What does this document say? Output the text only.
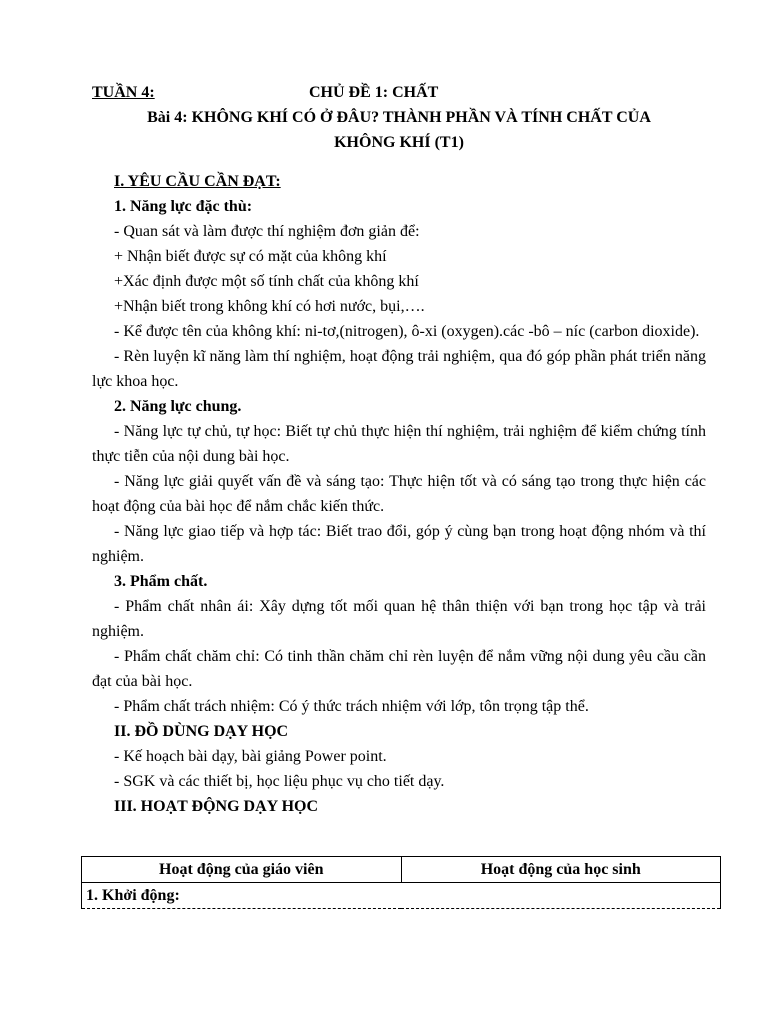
TUẦN 4:	CHỦ ĐỀ 1: CHẤT
Bài 4: KHÔNG KHÍ CÓ Ở ĐÂU? THÀNH PHẦN VÀ TÍNH CHẤT CỦA
KHÔNG KHÍ (T1)
I. YÊU CẦU CẦN ĐẠT:
1. Năng lực đặc thù:
- Quan sát và làm được thí nghiệm đơn giản để:
+ Nhận biết được sự có mặt của không khí
+Xác định được một số tính chất của không khí
+Nhận biết trong không khí có hơi nước, bụi,….
- Kể được tên của không khí: ni-tơ,(nitrogen), ô-xi (oxygen).các -bô – níc (carbon dioxide).
- Rèn luyện kĩ năng làm thí nghiệm, hoạt động trải nghiệm, qua đó góp phần phát triển năng lực khoa học.
2. Năng lực chung.
- Năng lực tự chủ, tự học: Biết tự chủ thực hiện thí nghiệm, trải nghiệm để kiểm chứng tính thực tiễn của nội dung bài học.
- Năng lực giải quyết vấn đề và sáng tạo: Thực hiện tốt và có sáng tạo trong thực hiện các hoạt động của bài học để nắm chắc kiến thức.
- Năng lực giao tiếp và hợp tác: Biết trao đổi, góp ý cùng bạn trong hoạt động nhóm và thí nghiệm.
3. Phẩm chất.
- Phẩm chất nhân ái: Xây dựng tốt mối quan hệ thân thiện với bạn trong học tập và trải nghiệm.
- Phẩm chất chăm chỉ: Có tinh thần chăm chỉ rèn luyện để nắm vững nội dung yêu cầu cần đạt của bài học.
- Phẩm chất trách nhiệm: Có ý thức trách nhiệm với lớp, tôn trọng tập thể.
II. ĐỒ DÙNG DẠY HỌC
- Kế hoạch bài dạy, bài giảng Power point.
- SGK và các thiết bị, học liệu phục vụ cho tiết dạy.
III. HOẠT ĐỘNG DẠY HỌC
Hoạt động của giáo viên	Hoạt động của học sinh
1. Khởi động:
